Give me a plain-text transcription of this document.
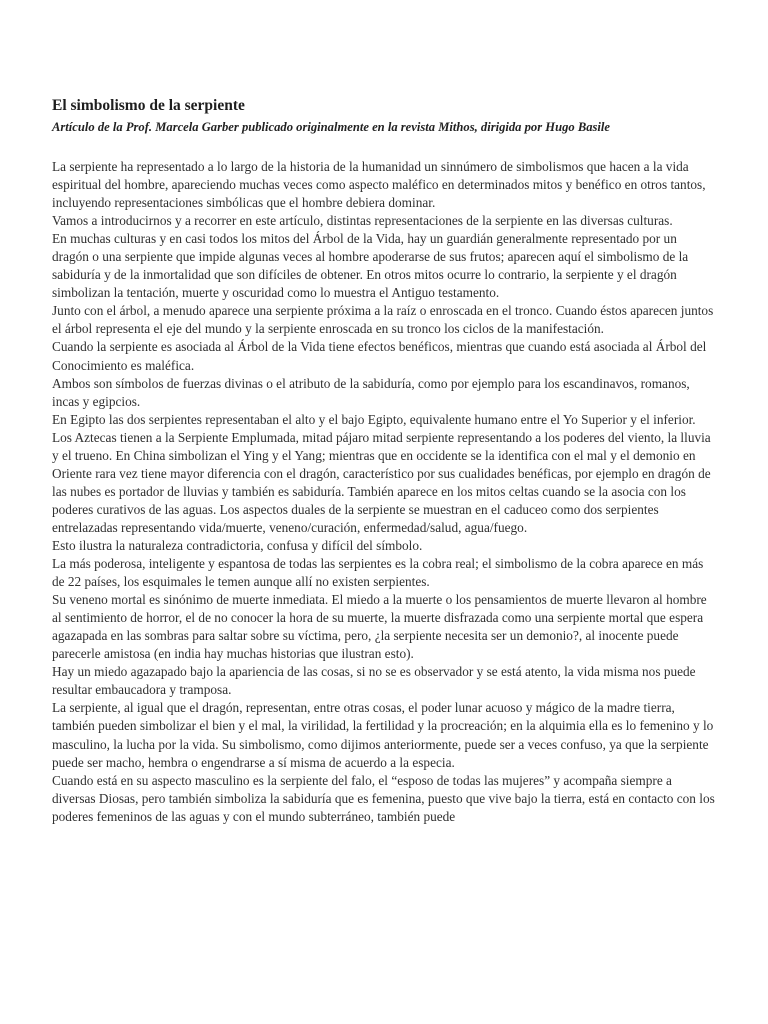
El simbolismo de la serpiente
Artículo de la Prof. Marcela Garber publicado originalmente en la revista Mithos, dirigida por Hugo Basile

La serpiente ha representado a lo largo de la historia de la humanidad un sinnúmero de simbolismos que hacen a la vida espiritual del hombre, apareciendo muchas veces como aspecto maléfico en determinados mitos y benéfico en otros tantos, incluyendo representaciones simbólicas que el hombre debiera dominar.

Vamos a introducirnos y a recorrer en este artículo, distintas representaciones de la serpiente en las diversas culturas.

En muchas culturas y en casi todos los mitos del Árbol de la Vida, hay un guardián generalmente representado por un dragón o una serpiente que impide algunas veces al hombre apoderarse de sus frutos; aparecen aquí el simbolismo de la sabiduría y de la inmortalidad que son difíciles de obtener. En otros mitos ocurre lo contrario, la serpiente y el dragón simbolizan la tentación, muerte y oscuridad como lo muestra el Antiguo testamento.

Junto con el árbol, a menudo aparece una serpiente próxima a la raíz o enroscada en el tronco. Cuando éstos aparecen juntos el árbol representa el eje del mundo y la serpiente enroscada en su tronco los ciclos de la manifestación.

Cuando la serpiente es asociada al Árbol de la Vida tiene efectos benéficos, mientras que cuando está asociada al Árbol del Conocimiento es maléfica.

Ambos son símbolos de fuerzas divinas o el atributo de la sabiduría, como por ejemplo para los escandinavos, romanos, incas y egipcios.

En Egipto las dos serpientes representaban el alto y el bajo Egipto, equivalente humano entre el Yo Superior y el inferior. Los Aztecas tienen a la Serpiente Emplumada, mitad pájaro mitad serpiente representando a los poderes del viento, la lluvia y el trueno. En China simbolizan el Ying y el Yang; mientras que en occidente se la identifica con el mal y el demonio en Oriente rara vez tiene mayor diferencia con el dragón, característico por sus cualidades benéficas, por ejemplo en dragón de las nubes es portador de lluvias y también es sabiduría. También aparece en los mitos celtas cuando se la asocia con los poderes curativos de las aguas. Los aspectos duales de la serpiente se muestran en el caduceo como dos serpientes entrelazadas representando vida/muerte, veneno/curación, enfermedad/salud, agua/fuego.

Esto ilustra la naturaleza contradictoria, confusa y difícil del símbolo.

La más poderosa, inteligente y espantosa de todas las serpientes es la cobra real; el simbolismo de la cobra aparece en más de 22 países, los esquimales le temen aunque allí no existen serpientes.

Su veneno mortal es sinónimo de muerte inmediata. El miedo a la muerte o los pensamientos de muerte llevaron al hombre al sentimiento de horror, el de no conocer la hora de su muerte, la muerte disfrazada como una serpiente mortal que espera agazapada en las sombras para saltar sobre su víctima, pero, ¿la serpiente necesita ser un demonio?, al inocente puede parecerle amistosa (en india hay muchas historias que ilustran esto).

Hay un miedo agazapado bajo la apariencia de las cosas, si no se es observador y se está atento, la vida misma nos puede resultar embaucadora y tramposa.

La serpiente, al igual que el dragón, representan, entre otras cosas, el poder lunar acuoso y mágico de la madre tierra, también pueden simbolizar el bien y el mal, la virilidad, la fertilidad y la procreación; en la alquimia ella es lo femenino y lo masculino, la lucha por la vida. Su simbolismo, como dijimos anteriormente, puede ser a veces confuso, ya que la serpiente puede ser macho, hembra o engendrarse a sí misma de acuerdo a la especia.

Cuando está en su aspecto masculino es la serpiente del falo, el “esposo de todas las mujeres” y acompaña siempre a diversas Diosas, pero también simboliza la sabiduría que es femenina, puesto que vive bajo la tierra, está en contacto con los poderes femeninos de las aguas y con el mundo subterráneo, también puede
